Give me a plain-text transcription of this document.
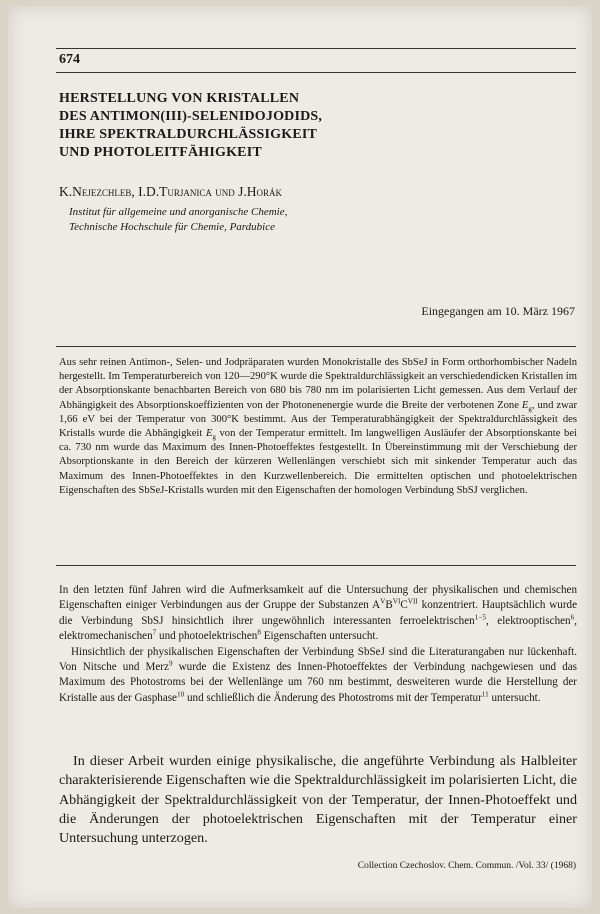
674
HERSTELLUNG VON KRISTALLEN
DES ANTIMON(III)-SELENIDOJODIDS,
IHRE SPEKTRALDURCHLÄSSIGKEIT
UND PHOTOLEITFÄHIGKEIT
K.Nejezchleb, I.D.Turjanica und J.Horák
Institut für allgemeine und anorganische Chemie,
Technische Hochschule für Chemie, Pardubice
Eingegangen am 10. März 1967
Aus sehr reinen Antimon-, Selen- und Jodpräparaten wurden Monokristalle des SbSeJ in Form orthorhombischer Nadeln hergestellt. Im Temperaturbereich von 120—290°K wurde die Spektraldurchlässigkeit an verschiedendicken Kristallen im der Absorptionskante benachbarten Bereich von 680 bis 780 nm im polarisierten Licht gemessen. Aus dem Verlauf der Abhängigkeit des Absorptionskoeffizienten von der Photonenenergie wurde die Breite der verbotenen Zone $E_g$, und zwar 1,66 eV bei der Temperatur von 300°K bestimmt. Aus der Temperaturabhängigkeit der Spektraldurchlässigkeit des Kristalls wurde die Abhängigkeit $E_g$ von der Temperatur ermittelt. Im langwelligen Ausläufer der Absorptionskante bei ca. 730 nm wurde das Maximum des Innen-Photoeffektes festgestellt. In Übereinstimmung mit der Verschiebung der Absorptionskante in den Bereich der kürzeren Wellenlängen verschiebt sich mit sinkender Temperatur auch das Maximum des Innen-Photoeffektes in den Kurzwellenbereich. Die ermittelten optischen und photoelektrischen Eigenschaften des SbSeJ-Kristalls wurden mit den Eigenschaften der homologen Verbindung SbSJ verglichen.

In den letzten fünf Jahren wird die Aufmerksamkeit auf die Untersuchung der physikalischen und chemischen Eigenschaften einiger Verbindungen aus der Gruppe der Substanzen $A^VB^{VI}C^{VII}$ konzentriert. Hauptsächlich wurde die Verbindung SbSJ hinsichtlich ihrer ungewöhnlich interessanten ferroelektrischen$^{1-5}$, elektrooptischen$^6$, elektromechanischen$^7$ und photoelektrischen$^8$ Eigenschaften untersucht.

Hinsichtlich der physikalischen Eigenschaften der Verbindung SbSeJ sind die Literaturangaben nur lückenhaft. Von Nitsche und Merz$^9$ wurde die Existenz des Innen-Photoeffektes der Verbindung nachgewiesen und das Maximum des Photostroms bei der Wellenlänge um 760 nm bestimmt, desweiteren wurde die Herstellung der Kristalle aus der Gasphase$^{10}$ und schließlich die Änderung des Photostroms mit der Temperatur$^{11}$ untersucht.

In dieser Arbeit wurden einige physikalische, die angeführte Verbindung als Halbleiter charakterisierende Eigenschaften wie die Spektraldurchlässigkeit im polarisierten Licht, die Abhängigkeit der Spektraldurchlässigkeit von der Temperatur, der Innen-Photoeffekt und die Änderungen der photoelektrischen Eigenschaften mit der Temperatur einer Untersuchung unterzogen.

Collection Czechoslov. Chem. Commun. /Vol. 33/ (1968)
